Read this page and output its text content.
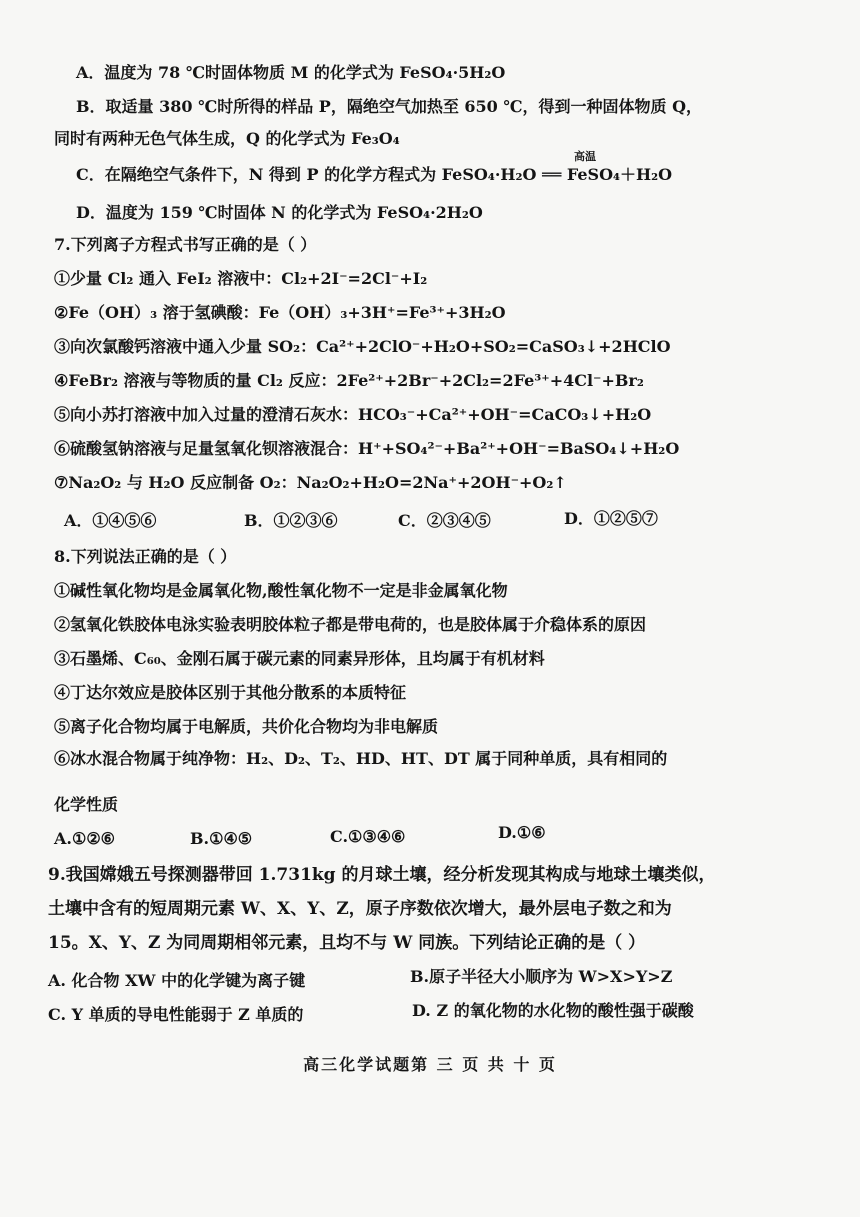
A．温度为 78 ℃时固体物质 M 的化学式为 FeSO₄·5H₂O
B．取适量 380 ℃时所得的样品 P，隔绝空气加热至 650 ℃，得到一种固体物质 Q，
同时有两种无色气体生成，Q 的化学式为 Fe₃O₄
C．在隔绝空气条件下，N 得到 P 的化学方程式为 FeSO₄·H₂O ══ FeSO₄＋H₂O
高温
D．温度为 159 ℃时固体 N 的化学式为 FeSO₄·2H₂O
7.下列离子方程式书写正确的是（ ）
①少量 Cl₂ 通入 FeI₂ 溶液中：Cl₂+2I⁻=2Cl⁻+I₂
②Fe（OH）₃ 溶于氢碘酸：Fe（OH）₃+3H⁺=Fe³⁺+3H₂O
③向次氯酸钙溶液中通入少量 SO₂：Ca²⁺+2ClO⁻+H₂O+SO₂=CaSO₃↓+2HClO
④FeBr₂ 溶液与等物质的量 Cl₂ 反应：2Fe²⁺+2Br⁻+2Cl₂=2Fe³⁺+4Cl⁻+Br₂
⑤向小苏打溶液中加入过量的澄清石灰水：HCO₃⁻+Ca²⁺+OH⁻=CaCO₃↓+H₂O
⑥硫酸氢钠溶液与足量氢氧化钡溶液混合：H⁺+SO₄²⁻+Ba²⁺+OH⁻=BaSO₄↓+H₂O
⑦Na₂O₂ 与 H₂O 反应制备 O₂：Na₂O₂+H₂O=2Na⁺+2OH⁻+O₂↑
A．①④⑤⑥	B．①②③⑥	C．②③④⑤	D．①②⑤⑦
8.下列说法正确的是（ ）
①碱性氧化物均是金属氧化物,酸性氧化物不一定是非金属氧化物
②氢氧化铁胶体电泳实验表明胶体粒子都是带电荷的，也是胶体属于介稳体系的原因
③石墨烯、C₆₀、金刚石属于碳元素的同素异形体，且均属于有机材料
④丁达尔效应是胶体区别于其他分散系的本质特征
⑤离子化合物均属于电解质，共价化合物均为非电解质
⑥冰水混合物属于纯净物：H₂、D₂、T₂、HD、HT、DT 属于同种单质，具有相同的
化学性质
A.①②⑥	B.①④⑤	C.①③④⑥	D.①⑥
9.我国嫦娥五号探测器带回 1.731kg 的月球土壤，经分析发现其构成与地球土壤类似，
土壤中含有的短周期元素 W、X、Y、Z，原子序数依次增大，最外层电子数之和为
15。X、Y、Z 为同周期相邻元素，且均不与 W 同族。下列结论正确的是（ ）
A. 化合物 XW 中的化学键为离子键	B.原子半径大小顺序为 W>X>Y>Z
C. Y 单质的导电性能弱于 Z 单质的	D. Z 的氧化物的水化物的酸性强于碳酸
高三化学试题第 三 页 共 十 页
